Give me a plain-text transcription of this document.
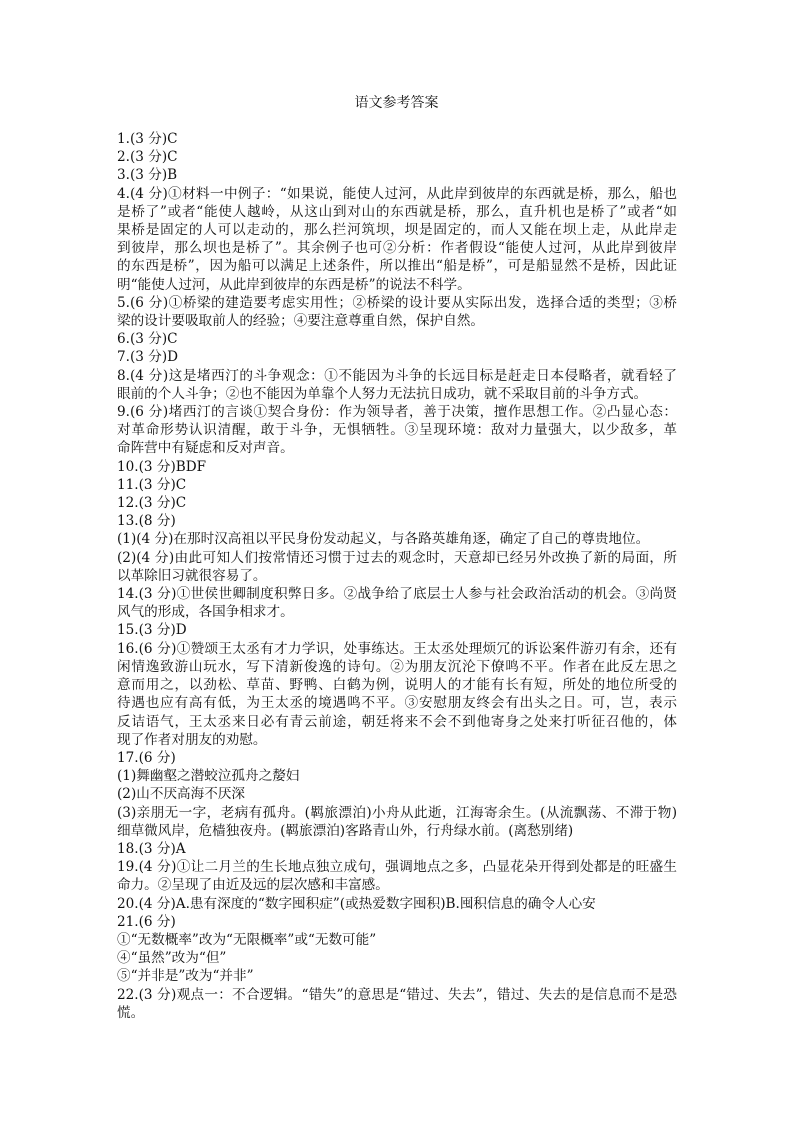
语文参考答案
1.(3 分)C
2.(3 分)C
3.(3 分)B
4.(4 分)①材料一中例子：“如果说，能使人过河，从此岸到彼岸的东西就是桥，那么，船也
是桥了”或者“能使人越岭，从这山到对山的东西就是桥，那么，直升机也是桥了”或者“如
果桥是固定的人可以走动的，那么拦河筑坝，坝是固定的，而人又能在坝上走，从此岸走
到彼岸，那么坝也是桥了”。其余例子也可②分析：作者假设“能使人过河，从此岸到彼岸
的东西是桥”，因为船可以满足上述条件，所以推出“船是桥”，可是船显然不是桥，因此证
明“能使人过河，从此岸到彼岸的东西是桥”的说法不科学。
5.(6 分)①桥梁的建造要考虑实用性；②桥梁的设计要从实际出发，选择合适的类型；③桥
梁的设计要吸取前人的经验；④要注意尊重自然，保护自然。
6.(3 分)C
7.(3 分)D
8.(4 分)这是堵西汀的斗争观念：①不能因为斗争的长远目标是赶走日本侵略者，就看轻了
眼前的个人斗争；②也不能因为单靠个人努力无法抗日成功，就不采取目前的斗争方式。
9.(6 分)堵西汀的言谈①契合身份：作为领导者，善于决策，擅作思想工作。②凸显心态：
对革命形势认识清醒，敢于斗争，无惧牺牲。③呈现环境：敌对力量强大，以少敌多，革
命阵营中有疑虑和反对声音。
10.(3 分)BDF
11.(3 分)C
12.(3 分)C
13.(8 分)
(1)(4 分)在那时汉高祖以平民身份发动起义，与各路英雄角逐，确定了自己的尊贵地位。
(2)(4 分)由此可知人们按常情还习惯于过去的观念时，天意却已经另外改换了新的局面，所
以革除旧习就很容易了。
14.(3 分)①世侯世卿制度积弊日多。②战争给了底层士人参与社会政治活动的机会。③尚贤
风气的形成，各国争相求才。
15.(3 分)D
16.(6 分)①赞颂王太丞有才力学识，处事练达。王太丞处理烦冗的诉讼案件游刃有余，还有
闲情逸致游山玩水，写下清新俊逸的诗句。②为朋友沉沦下僚鸣不平。作者在此反左思之
意而用之，以劲松、草苗、野鸭、白鹤为例，说明人的才能有长有短，所处的地位所受的
待遇也应有高有低，为王太丞的境遇鸣不平。③安慰朋友终会有出头之日。可，岂，表示
反诘语气，王太丞来日必有青云前途，朝廷将来不会不到他寄身之处来打听征召他的，体
现了作者对朋友的劝慰。
17.(6 分)
(1)舞幽壑之潜蛟泣孤舟之嫠妇
(2)山不厌高海不厌深
(3)亲朋无一字，老病有孤舟。(羁旅漂泊)小舟从此逝，江海寄余生。(从流飘荡、不滞于物)
细草微风岸，危樯独夜舟。(羁旅漂泊)客路青山外，行舟绿水前。(离愁别绪)
18.(3 分)A
19.(4 分)①让二月兰的生长地点独立成句，强调地点之多，凸显花朵开得到处都是的旺盛生
命力。②呈现了由近及远的层次感和丰富感。
20.(4 分)A.患有深度的“数字囤积症”(或热爱数字囤积)B.囤积信息的确令人心安
21.(6 分)
①“无数概率”改为“无限概率”或“无数可能”
④“虽然”改为“但”
⑤“并非是”改为“并非”
22.(3 分)观点一：不合逻辑。“错失”的意思是“错过、失去”，错过、失去的是信息而不是恐
慌。
